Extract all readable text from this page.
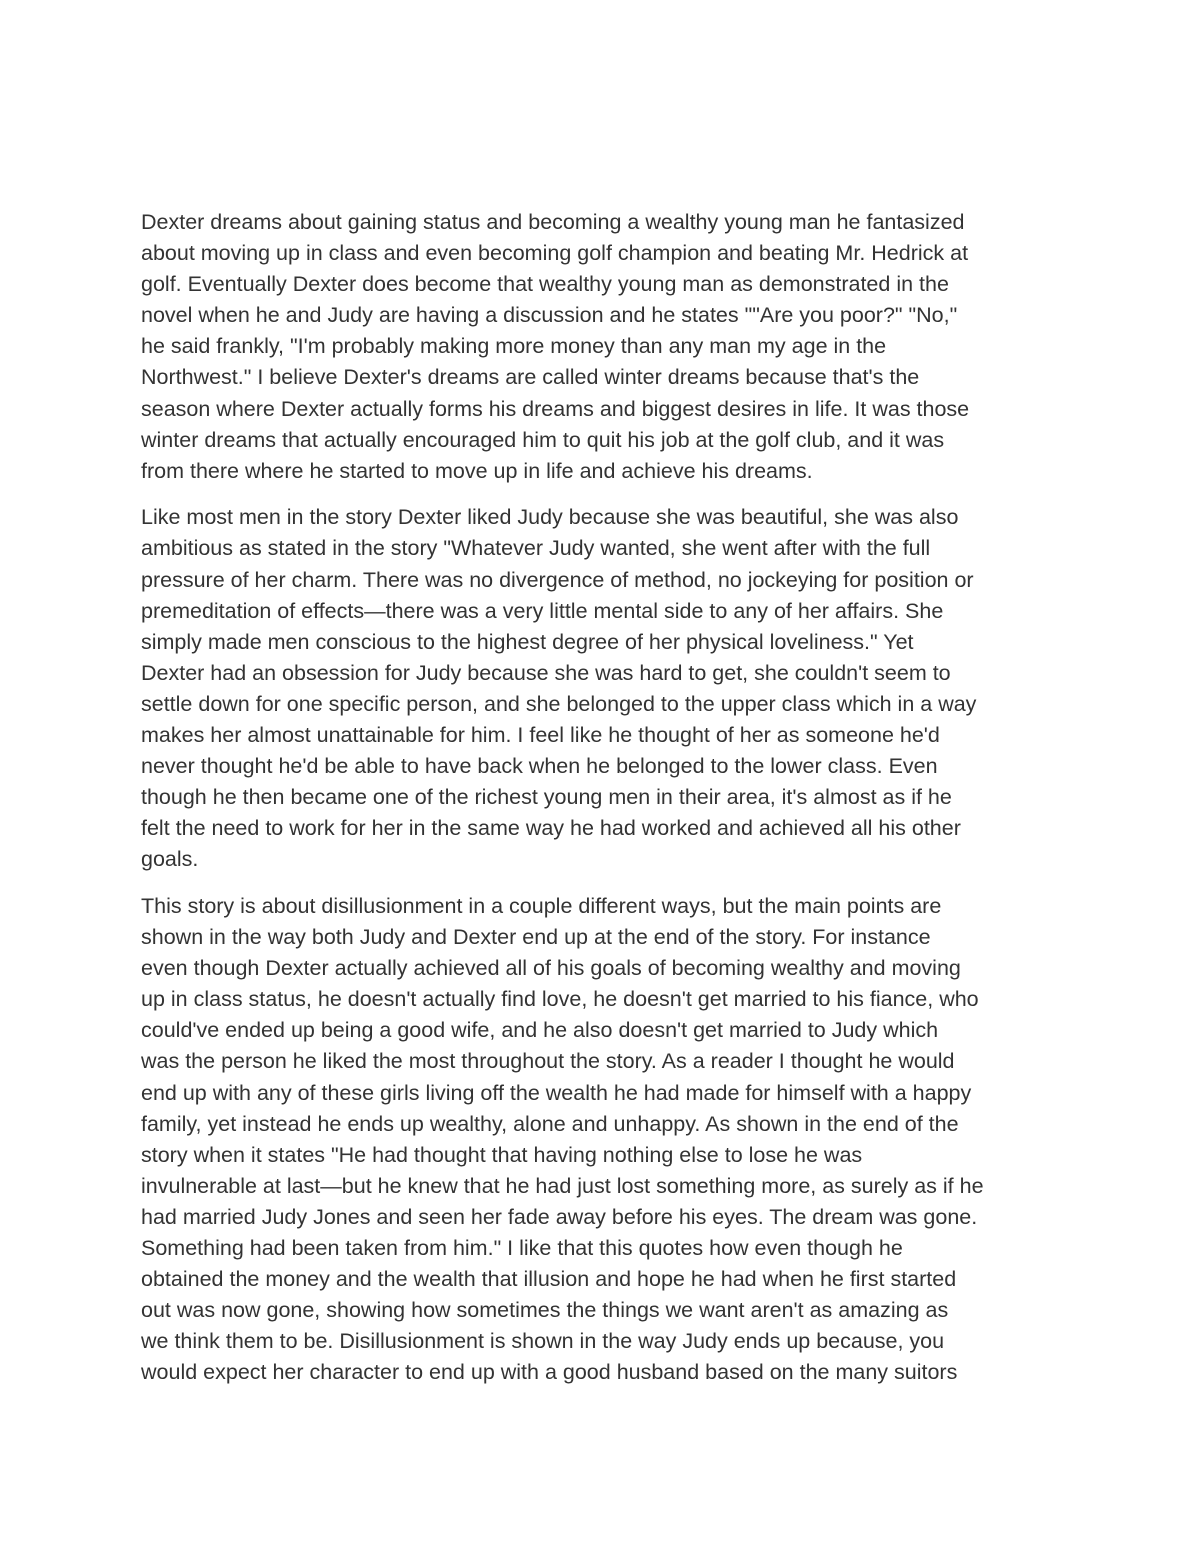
Dexter dreams about gaining status and becoming a wealthy young man he fantasized
about moving up in class and even becoming golf champion and beating Mr. Hedrick at
golf. Eventually Dexter does become that wealthy young man as demonstrated in the
novel when he and Judy are having a discussion and he states ""Are you poor?" "No,"
he said frankly, "I'm probably making more money than any man my age in the
Northwest." I believe Dexter's dreams are called winter dreams because that's the
season where Dexter actually forms his dreams and biggest desires in life. It was those
winter dreams that actually encouraged him to quit his job at the golf club, and it was
from there where he started to move up in life and achieve his dreams.

Like most men in the story Dexter liked Judy because she was beautiful, she was also
ambitious as stated in the story "Whatever Judy wanted, she went after with the full
pressure of her charm. There was no divergence of method, no jockeying for position or
premeditation of effects—there was a very little mental side to any of her affairs. She
simply made men conscious to the highest degree of her physical loveliness." Yet
Dexter had an obsession for Judy because she was hard to get, she couldn't seem to
settle down for one specific person, and she belonged to the upper class which in a way
makes her almost unattainable for him. I feel like he thought of her as someone he'd
never thought he'd be able to have back when he belonged to the lower class. Even
though he then became one of the richest young men in their area, it's almost as if he
felt the need to work for her in the same way he had worked and achieved all his other
goals.

This story is about disillusionment in a couple different ways, but the main points are
shown in the way both Judy and Dexter end up at the end of the story. For instance
even though Dexter actually achieved all of his goals of becoming wealthy and moving
up in class status, he doesn't actually find love, he doesn't get married to his fiance, who
could've ended up being a good wife, and he also doesn't get married to Judy which
was the person he liked the most throughout the story. As a reader I thought he would
end up with any of these girls living off the wealth he had made for himself with a happy
family, yet instead he ends up wealthy, alone and unhappy. As shown in the end of the
story when it states "He had thought that having nothing else to lose he was
invulnerable at last—but he knew that he had just lost something more, as surely as if he
had married Judy Jones and seen her fade away before his eyes. The dream was gone.
Something had been taken from him." I like that this quotes how even though he
obtained the money and the wealth that illusion and hope he had when he first started
out was now gone, showing how sometimes the things we want aren't as amazing as
we think them to be. Disillusionment is shown in the way Judy ends up because, you
would expect her character to end up with a good husband based on the many suitors
